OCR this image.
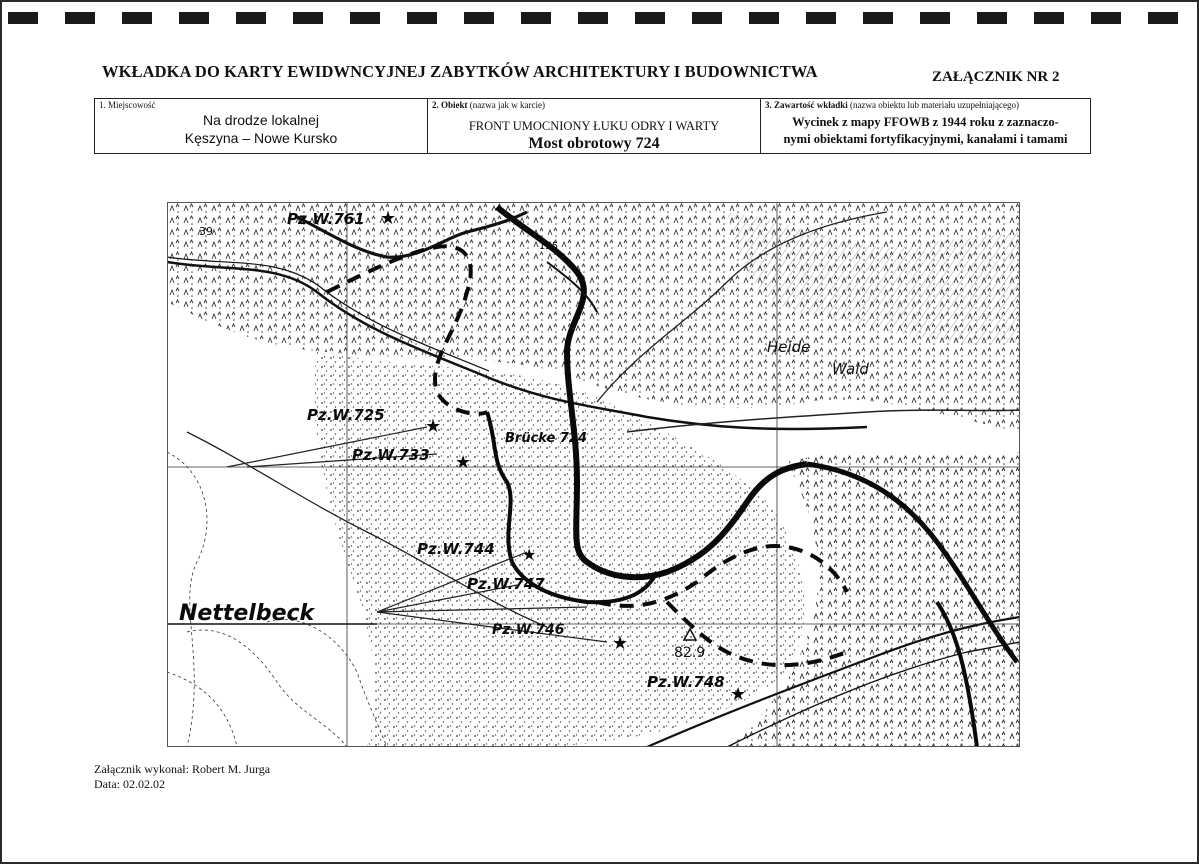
WKŁADKA DO KARTY EWIDWNCYJNEJ ZABYTKÓW ARCHITEKTURY I BUDOWNICTWA	ZAŁĄCZNIK NR 2
1. Miejscowość
Na drodze lokalnej
Kęszyna – Nowe Kursko
2. Obiekt (nazwa jak w karcie)
FRONT UMOCNIONY ŁUKU ODRY I WARTY
Most obrotowy 724
3. Zawartość wkładki (nazwa obiektu lub materiału uzupełniającego)
Wycinek z mapy FFOWB z 1944 roku z zaznaczo-
nymi obiektami fortyfikacyjnymi, kanałami i tamami
★
★
★
★
★
★
Nettelbeck
Pz.W.761
Pz.W.725
Pz.W.733
Pz.W.744
Pz.W.747
Pz.W.746
Pz.W.748
Brücke 724
82.9
39
125
Heide
Wald
Załącznik wykonał: Robert M. Jurga
Data: 02.02.02
